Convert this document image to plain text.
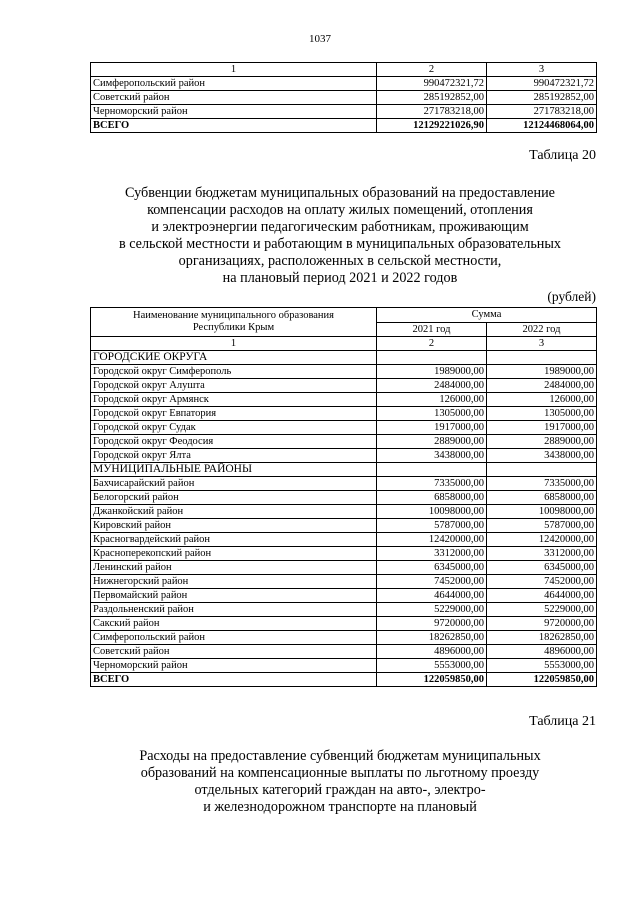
1037
1	2	3
Симферопольский район	990472321,72	990472321,72
Советский район	285192852,00	285192852,00
Черноморский район	271783218,00	271783218,00
ВСЕГО	12129221026,90	12124468064,00
Таблица 20
Субвенции бюджетам муниципальных образований на предоставление
компенсации расходов на оплату жилых помещений, отопления
и электроэнергии педагогическим работникам, проживающим
в сельской местности и работающим в муниципальных образовательных
организациях, расположенных в сельской местности,
на плановый период 2021 и 2022 годов
(рублей)
Наименование муниципального образования
Республики Крым	Сумма	
	2021 год	2022 год
1	2	3
ГОРОДСКИЕ ОКРУГА		
Городской округ Симферополь	1989000,00	1989000,00
Городской округ Алушта	2484000,00	2484000,00
Городской округ Армянск	126000,00	126000,00
Городской округ Евпатория	1305000,00	1305000,00
Городской округ Судак	1917000,00	1917000,00
Городской округ Феодосия	2889000,00	2889000,00
Городской округ Ялта	3438000,00	3438000,00
МУНИЦИПАЛЬНЫЕ РАЙОНЫ		
Бахчисарайский район	7335000,00	7335000,00
Белогорский район	6858000,00	6858000,00
Джанкойский район	10098000,00	10098000,00
Кировский район	5787000,00	5787000,00
Красногвардейский район	12420000,00	12420000,00
Красноперекопский район	3312000,00	3312000,00
Ленинский район	6345000,00	6345000,00
Нижнегорский район	7452000,00	7452000,00
Первомайский район	4644000,00	4644000,00
Раздольненский район	5229000,00	5229000,00
Сакский район	9720000,00	9720000,00
Симферопольский район	18262850,00	18262850,00
Советский район	4896000,00	4896000,00
Черноморский район	5553000,00	5553000,00
ВСЕГО	122059850,00	122059850,00
Таблица 21
Расходы на предоставление субвенций бюджетам муниципальных
образований на компенсационные выплаты по льготному проезду
отдельных категорий граждан на авто-, электро-
и железнодорожном транспорте на плановый
